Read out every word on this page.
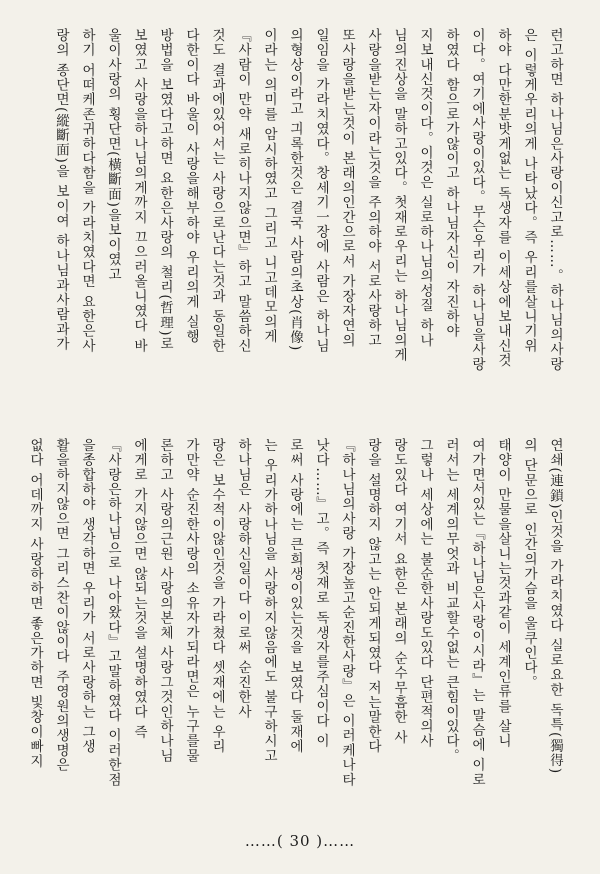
런고하면 하나님은사랑이신고로……。하나님의사랑

은 이렇게우리의게 나타났다。즉 우리를살니기위

하야 다만한분밧게없는 독생자를 이세상에보내신것

이다。여기에사랑이있다。무슨우리가 하나님을사랑

하였다 함으로가않이고 하나님자신이 자진하야

지보내신것이다。이것은 실로하나님의성질 하나

님의진상을 말하고있다。첫재로우리는 하나님의게

사랑을받는자이라는것을 주의하야 서로사랑하고

또사랑을받는것이 본래의인간으로서 가장자연의

일임을 가라치였다。창세기一장에 사람은 하나님

의형상이라고 긔록한것은 결국 사람의초상(肖像)

이라는 의미를 암시하였고 그리고 니고데모의게

『사람이 만약 새로히나지않으면』하고 말씀하신

것도 결과에있어서는 사랑으로난다는것과 동일한

다한이다 바울이 사랑을해부하야 우리의게 실행

방법을 보였다고하면 요한은사랑의 철리(哲理)로

보였고 사랑을하나님의게까지 끄으러올니였다 바

울이사랑의 횡단면(橫斷面)을보이였고

하기 어떠케존귀하다함을 가라치였다면 요한은사

랑의 종단면(縱斷面)을 보이여 하나님과사람과가

연쇄(連鎖)인것을 가라치였다 실로요한 독특(獨得)

의 단문으로 인간의가슴을 울쿠인다。

태양이 만물을살니는것과같이 세계인류를 살니

여가면서있는『하나님은사랑이시라』는 말슴에 이로

러서는 세계의무엇과 비교할수없는 큰힘이있다。

그렇나 세상에는 불순한사랑도있다 단편적의사

랑도있다 여기서 요한은 본래의 순수무흠한 사

랑을 설명하지 않고는 안되게되였다 저는말한다

『하나님의사랑 가장높고순진한사랑』은 이러케나타

낫다……』고。즉 첫재로 독생자를주심이다 이

로써 사랑에는 큰희생이있는것을 보였다 둘재에

는 우리가하나님을 사랑하지않음에도 불구하시고

하나님은 사랑하신일이다 이로써 순진한사

랑은 보수적이않인것을 가라쳤다 셋재에는 우리

가만약 순진한사랑의 소유자가되라면은 누구를물

론하고 사랑의근원 사랑의본체 사랑그것인하나님

에게로 가지않으면 않되는것을 설명하였다 즉

『사랑은하나님으로 나아왔다』고말하였다 이러한점

을종합하야 생각하면 우리가 서로사랑하는 그생

활을하지않으면 그리스찬이않이다 주영원의생명은

없다 어데까지 사랑하하면 좋은가하면 빛창이빠지

……( 30 )……
